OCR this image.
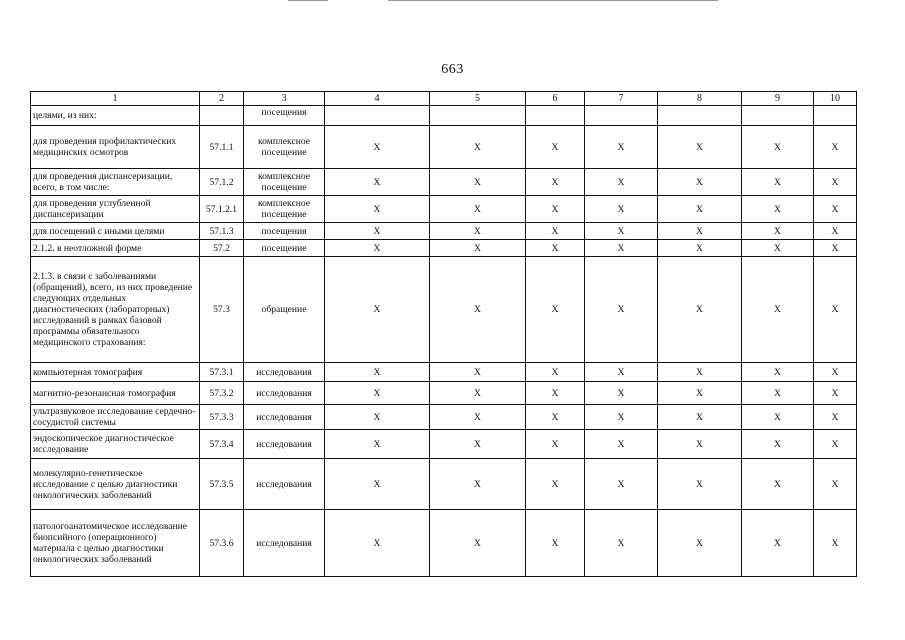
663
1	2	3	4	5	6	7	8	9	10
целями, из них:		посещения							
для проведения профилактических медицинских осмотров	57.1.1	комплексное посещение	X	X	X	X	X	X	X
для проведения диспансеризации, всего, в том числе:	57.1.2	комплексное посещение	X	X	X	X	X	X	X
для проведения углубленной диспансеризации	57.1.2.1	комплексное посещение	X	X	X	X	X	X	X
для посещений с иными целями	57.1.3	посещения	X	X	X	X	X	X	X
2.1.2. в неотложной форме	57.2	посещение	X	X	X	X	X	X	X
2.1.3. в связи с заболеваниями (обращений), всего, из них проведение следующих отдельных диагностических (лабораторных) исследований в рамках базовой программы обязательного медицинского страхования:	57.3	обращение	X	X	X	X	X	X	X
компьютерная томография	57.3.1	исследования	X	X	X	X	X	X	X
магнитно-резонансная томография	57.3.2	исследования	X	X	X	X	X	X	X
ультразвуковое исследование сердечно-сосудистой системы	57.3.3	исследования	X	X	X	X	X	X	X
эндоскопическое диагностическое исследование	57.3.4	исследования	X	X	X	X	X	X	X
молекулярно-генетическое исследование с целью диагностики онкологических заболеваний	57.3.5	исследования	X	X	X	X	X	X	X
патологоанатомическое исследование биопсийного (операционного) материала с целью диагностики онкологических заболеваний	57.3.6	исследования	X	X	X	X	X	X	X
